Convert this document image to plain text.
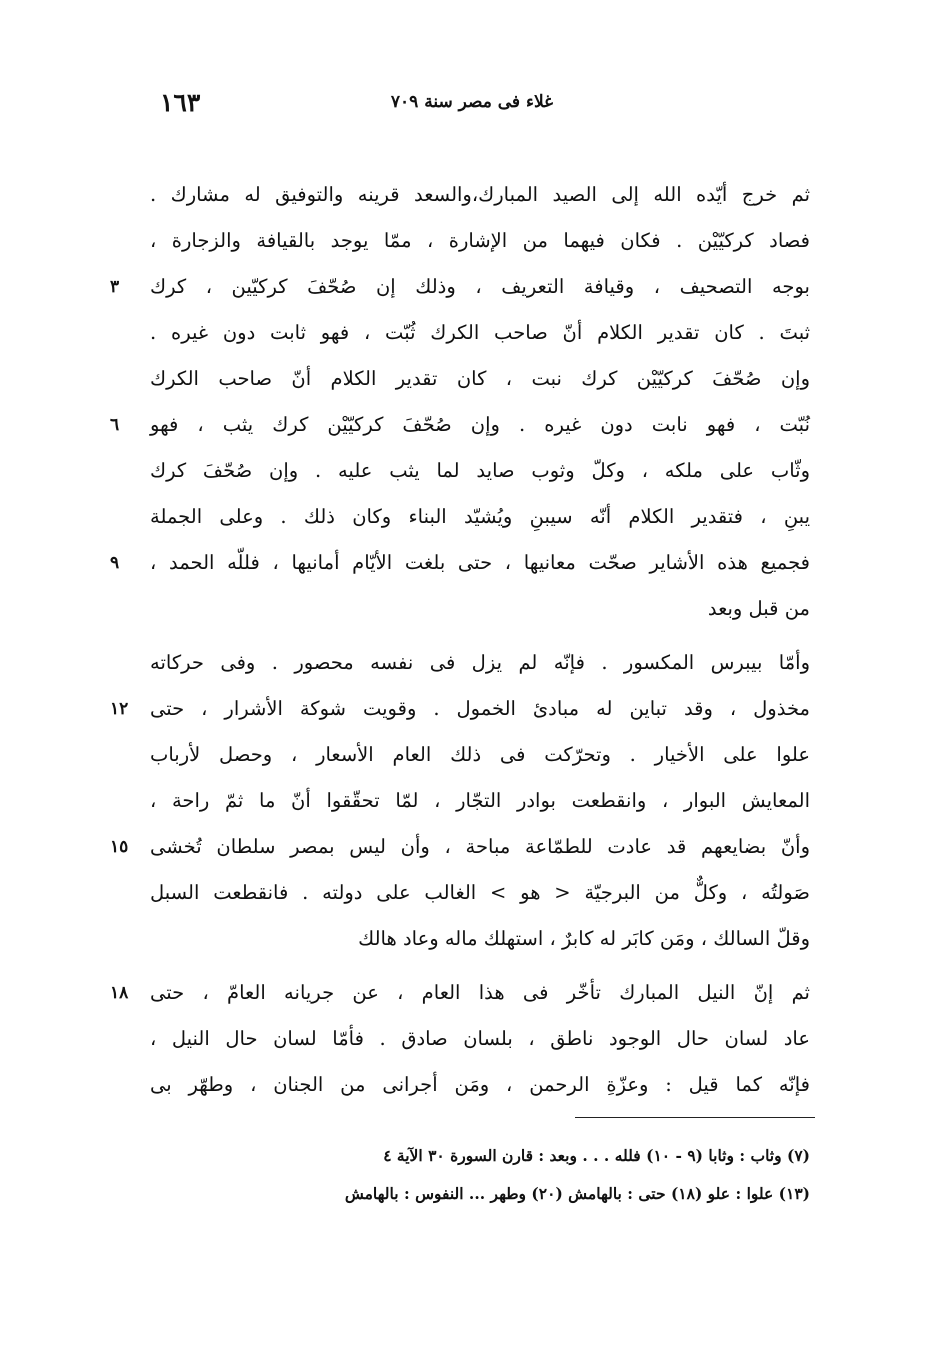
غلاء فى مصر سنة ٧٠٩
١٦٣
ثم خرج أيّده الله إلى الصيد المبارك،والسعد قرينه والتوفيق له مشارك .
فصاد كركيّيْن . فكان فيهما من الإشارة ، ممّا يوجد بالقيافة والزجارة ،
بوجه التصحيف ، وقيافة التعريف ، وذلك إن صُحّفَ كركيّين ، كرك
٣
ثبتَ . كان تقدير الكلام أنّ صاحب الكرك ثُبّت ، فهو ثابت دون غيره .
وإن صُحّفَ كركيّيْن كرك نبت ، كان تقدير الكلام أنّ صاحب الكرك
نُبّت ، فهو نابت دون غيره . وإن صُحّفَ كركيّيْن كرك يثب ، فهو
٦
وثّاب على ملكه ، وكلّ وثوب صايد لما يثب عليه . وإن صُحّفَ كرك
يبنِ ، فتقدير الكلام أنّه سيبنِ ويُشيّد البناء وكان ذلك . وعلى الجملة
فجميع هذه الأشاير صحّت معانيها ، حتى بلغت الأيّام أمانيها ، فللّه الحمد ،
٩
من قبل وبعد
وأمّا بيبرس المكسور . فإنّه لم يزل فى نفسه محصور . وفى حركاته
مخذول ، وقد تباين له مبادئ الخمول . وقويت شوكة الأشرار ، حتى
١٢
علوا على الأخيار . وتحرّكت فى ذلك العام الأسعار ، وحصل لأرباب
المعايش البوار ، وانقطعت بوادر التجّار ، لمّا تحقّقوا أنّ ما ثمّ راحة ،
وأنّ بضايعهم قد عادت للطمّاعة مباحة ، وأن ليس بمصر سلطان تُخشى
١٥
صَولتُه ، وكلٌّ من البرجيّة < هو > الغالب على دولته . فانقطعت السبل
وقلّ السالك ، ومَن كابَر له كابرٌ ، استهلك ماله وعاد هالك
ثم إنّ النيل المبارك تأخّر فى هذا العام ، عن جريانه العامّ ، حتى
١٨
عاد لسان حال الوجود ناطق ، بلسان صادق . فأمّا لسان حال النيل ،
فإنّه كما قيل : وعزّةِ الرحمن ، ومَن أجرانى من الجنان ، وطهّر بى
(٧) وثاب : وثابا (٩ - ١٠) فلله . . . وبعد : قارن السورة ٣٠ الآية ٤
(١٣) علوا : علو (١٨) حتى : بالهامش (٢٠) وطهر ... النفوس : بالهامش
